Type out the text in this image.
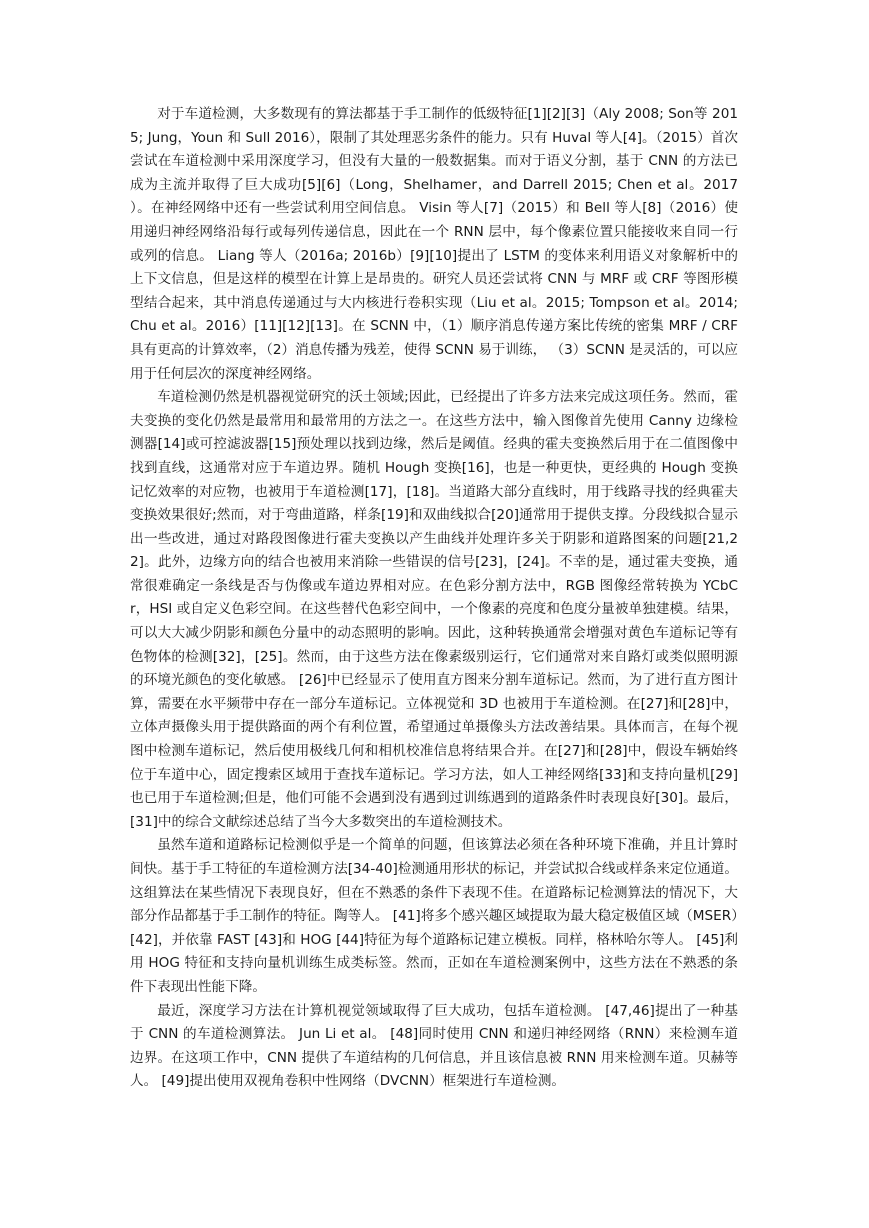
对于车道检测，大多数现有的算法都基于手工制作的低级特征[1][2][3]（Aly 2008; Son等 2015; Jung，Youn 和 Sull 2016），限制了其处理恶劣条件的能力。只有 Huval 等人[4]。（2015）首次尝试在车道检测中采用深度学习，但没有大量的一般数据集。而对于语义分割，基于 CNN 的方法已成为主流并取得了巨大成功[5][6]（Long，Shelhamer，and Darrell 2015; Chen et al。2017 ）。在神经网络中还有一些尝试利用空间信息。 Visin 等人[7]（2015）和 Bell 等人[8]（2016）使用递归神经网络沿每行或每列传递信息，因此在一个 RNN 层中，每个像素位置只能接收来自同一行或列的信息。 Liang 等人（2016a; 2016b）[9][10]提出了 LSTM 的变体来利用语义对象解析中的上下文信息，但是这样的模型在计算上是昂贵的。研究人员还尝试将 CNN 与 MRF 或 CRF 等图形模型结合起来，其中消息传递通过与大内核进行卷积实现（Liu et al。2015; Tompson et al。2014; Chu et al。2016）[11][12][13]。在 SCNN 中，（1）顺序消息传递方案比传统的密集 MRF / CRF 具有更高的计算效率，（2）消息传播为残差，使得 SCNN 易于训练， （3）SCNN 是灵活的，可以应用于任何层次的深度神经网络。

车道检测仍然是机器视觉研究的沃土领域;因此，已经提出了许多方法来完成这项任务。然而，霍夫变换的变化仍然是最常用和最常用的方法之一。在这些方法中，输入图像首先使用 Canny 边缘检测器[14]或可控滤波器[15]预处理以找到边缘，然后是阈值。经典的霍夫变换然后用于在二值图像中找到直线，这通常对应于车道边界。随机 Hough 变换[16]，也是一种更快，更经典的 Hough 变换记忆效率的对应物，也被用于车道检测[17]，[18]。当道路大部分直线时，用于线路寻找的经典霍夫变换效果很好;然而，对于弯曲道路，样条[19]和双曲线拟合[20]通常用于提供支撑。分段线拟合显示出一些改进，通过对路段图像进行霍夫变换以产生曲线并处理许多关于阴影和道路图案的问题[21,22]。此外，边缘方向的结合也被用来消除一些错误的信号[23]，[24]。不幸的是，通过霍夫变换，通常很难确定一条线是否与伪像或车道边界相对应。在色彩分割方法中，RGB 图像经常转换为 YCbCr，HSI 或自定义色彩空间。在这些替代色彩空间中，一个像素的亮度和色度分量被单独建模。结果，可以大大减少阴影和颜色分量中的动态照明的影响。因此，这种转换通常会增强对黄色车道标记等有色物体的检测[32]，[25]。然而，由于这些方法在像素级别运行，它们通常对来自路灯或类似照明源的环境光颜色的变化敏感。 [26]中已经显示了使用直方图来分割车道标记。然而，为了进行直方图计算，需要在水平频带中存在一部分车道标记。立体视觉和 3D 也被用于车道检测。在[27]和[28]中，立体声摄像头用于提供路面的两个有利位置，希望通过单摄像头方法改善结果。具体而言，在每个视图中检测车道标记，然后使用极线几何和相机校准信息将结果合并。在[27]和[28]中，假设车辆始终位于车道中心，固定搜索区域用于查找车道标记。学习方法，如人工神经网络[33]和支持向量机[29]也已用于车道检测;但是，他们可能不会遇到没有遇到过训练遇到的道路条件时表现良好[30]。最后，[31]中的综合文献综述总结了当今大多数突出的车道检测技术。

虽然车道和道路标记检测似乎是一个简单的问题，但该算法必须在各种环境下准确，并且计算时间快。基于手工特征的车道检测方法[34-40]检测通用形状的标记，并尝试拟合线或样条来定位通道。这组算法在某些情况下表现良好，但在不熟悉的条件下表现不佳。在道路标记检测算法的情况下，大部分作品都基于手工制作的特征。陶等人。 [41]将多个感兴趣区域提取为最大稳定极值区域（MSER）[42]，并依靠 FAST [43]和 HOG [44]特征为每个道路标记建立模板。同样，格林哈尔等人。 [45]利用 HOG 特征和支持向量机训练生成类标签。然而，正如在车道检测案例中，这些方法在不熟悉的条件下表现出性能下降。

最近，深度学习方法在计算机视觉领域取得了巨大成功，包括车道检测。 [47,46]提出了一种基于 CNN 的车道检测算法。 Jun Li et al。 [48]同时使用 CNN 和递归神经网络（RNN）来检测车道边界。在这项工作中，CNN 提供了车道结构的几何信息，并且该信息被 RNN 用来检测车道。贝赫等人。 [49]提出使用双视角卷积中性网络（DVCNN）框架进行车道检测。
